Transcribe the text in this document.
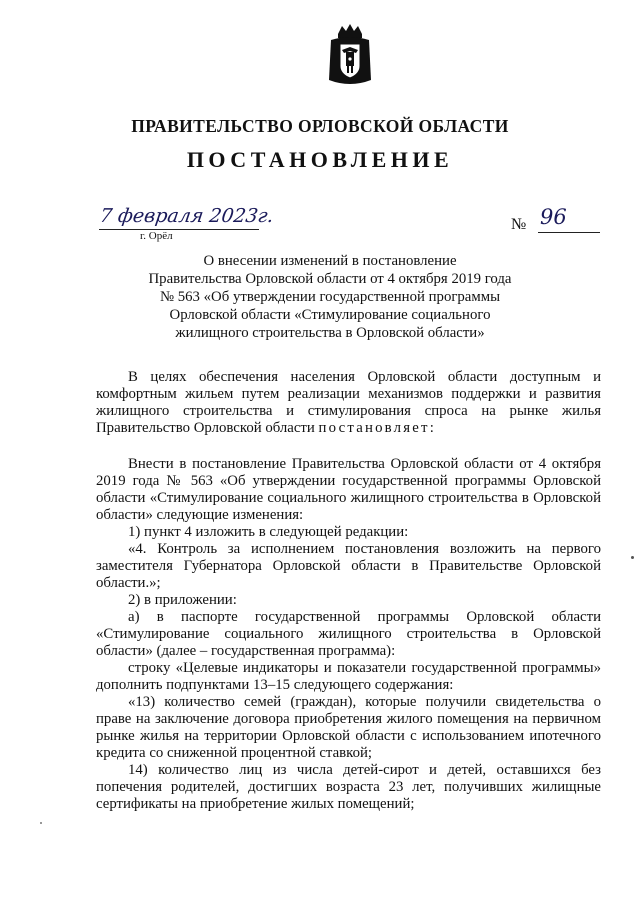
ПРАВИТЕЛЬСТВО ОРЛОВСКОЙ ОБЛАСТИ
ПОСТАНОВЛЕНИЕ
7 февраля 2023г.
г. Орёл
№ 96
О внесении изменений в постановление
Правительства Орловской области от 4 октября 2019 года
№ 563 «Об утверждении государственной программы
Орловской области «Стимулирование социального
жилищного строительства в Орловской области»

В целях обеспечения населения Орловской области доступным и комфортным жильем путем реализации механизмов поддержки и развития жилищного строительства и стимулирования спроса на рынке жилья Правительство Орловской области постановляет:

Внести в постановление Правительства Орловской области от 4 октября 2019 года № 563 «Об утверждении государственной программы Орловской области «Стимулирование социального жилищного строительства в Орловской области» следующие изменения:

1) пункт 4 изложить в следующей редакции:

«4. Контроль за исполнением постановления возложить на первого заместителя Губернатора Орловской области в Правительстве Орловской области.»;

2) в приложении:

а) в паспорте государственной программы Орловской области «Стимулирование социального жилищного строительства в Орловской области» (далее – государственная программа):

строку «Целевые индикаторы и показатели государственной программы» дополнить подпунктами 13–15 следующего содержания:

«13) количество семей (граждан), которые получили свидетельства о праве на заключение договора приобретения жилого помещения на первичном рынке жилья на территории Орловской области с использованием ипотечного кредита со сниженной процентной ставкой;

14) количество лиц из числа детей-сирот и детей, оставшихся без попечения родителей, достигших возраста 23 лет, получивших жилищные сертификаты на приобретение жилых помещений;
